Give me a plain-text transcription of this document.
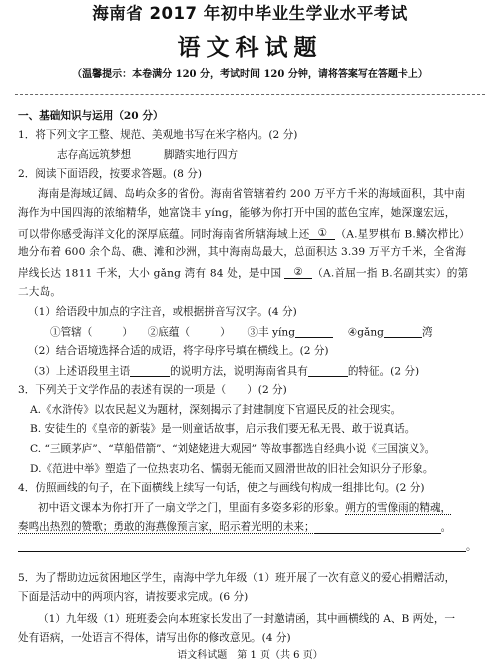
海南省 2017 年初中毕业生学业水平考试
语文科试题
（温馨提示：本卷满分 120 分，考试时间 120 分钟，请将答案写在答题卡上）
一、基础知识与运用（20 分）
1．将下列文字工整、规范、美观地书写在米字格内。(2 分)
志存高远筑梦想	脚踏实地行四方
2．阅读下面语段，按要求答题。(8 分)
海南是海域辽阔、岛屿众多的省份。海南省管辖着约 200 万平方千米的海域面积，其中南
海作为中国四海的浓缩精华，她富饶丰 yíng，能够为你打开中国的蓝色宝库，她深邃宏远，
可以带你感受海洋文化的深厚底蕴。同时海南省所辖海域上还 ① （A.星罗棋布 B.鳞次栉比）
地分布着 600 余个岛、礁、滩和沙洲，其中海南岛最大，总面积达 3.39 万平方千米，全省海
岸线长达 1811 千米，大小 gǎng 湾有 84 处，是中国 ② （A.首屈一指 B.名副其实）的第
二大岛。
（1）给语段中加点的字注音，或根据拼音写汉字。(4 分)
①管辖（	） ②底蕴（	） ③丰 yíng	④gǎng	湾
（2）结合语境选择合适的成语，将字母序号填在横线上。(2 分)
（3）上述语段里主语	的说明方法，说明海南省具有	的特征。(2 分)
3．下列关于文学作品的表述有误的一项是（　　）(2 分)
A.《水浒传》以农民起义为题材，深刻揭示了封建制度下官逼民反的社会现实。
B. 安徒生的《皇帝的新装》是一则童话故事，启示我们要无私无畏、敢于说真话。
C. “三顾茅庐”、“草船借箭”、“刘姥姥进大观园” 等故事都选自经典小说《三国演义》。
D.《范进中举》塑造了一位热衷功名、懦弱无能而又圆滑世故的旧社会知识分子形象。
4．仿照画线的句子，在下面横线上续写一句话，使之与画线句构成一组排比句。(2 分)
初中语文课本为你打开了一扇文学之门，里面有多姿多彩的形象。朔方的雪像雨的精魂，
奏鸣出热烈的赞歌；勇敢的海燕像预言家，昭示着光明的未来；	。
。
5．为了帮助边远贫困地区学生，南海中学九年级（1）班开展了一次有意义的爱心捐赠活动，
下面是活动中的两项内容，请按要求完成。(6 分)
（1）九年级（1）班班委会向本班家长发出了一封邀请函，其中画横线的 A、B 两处，一
处有语病，一处语言不得体，请写出你的修改意见。(4 分)
语文科试题　第 1 页（共 6 页）
